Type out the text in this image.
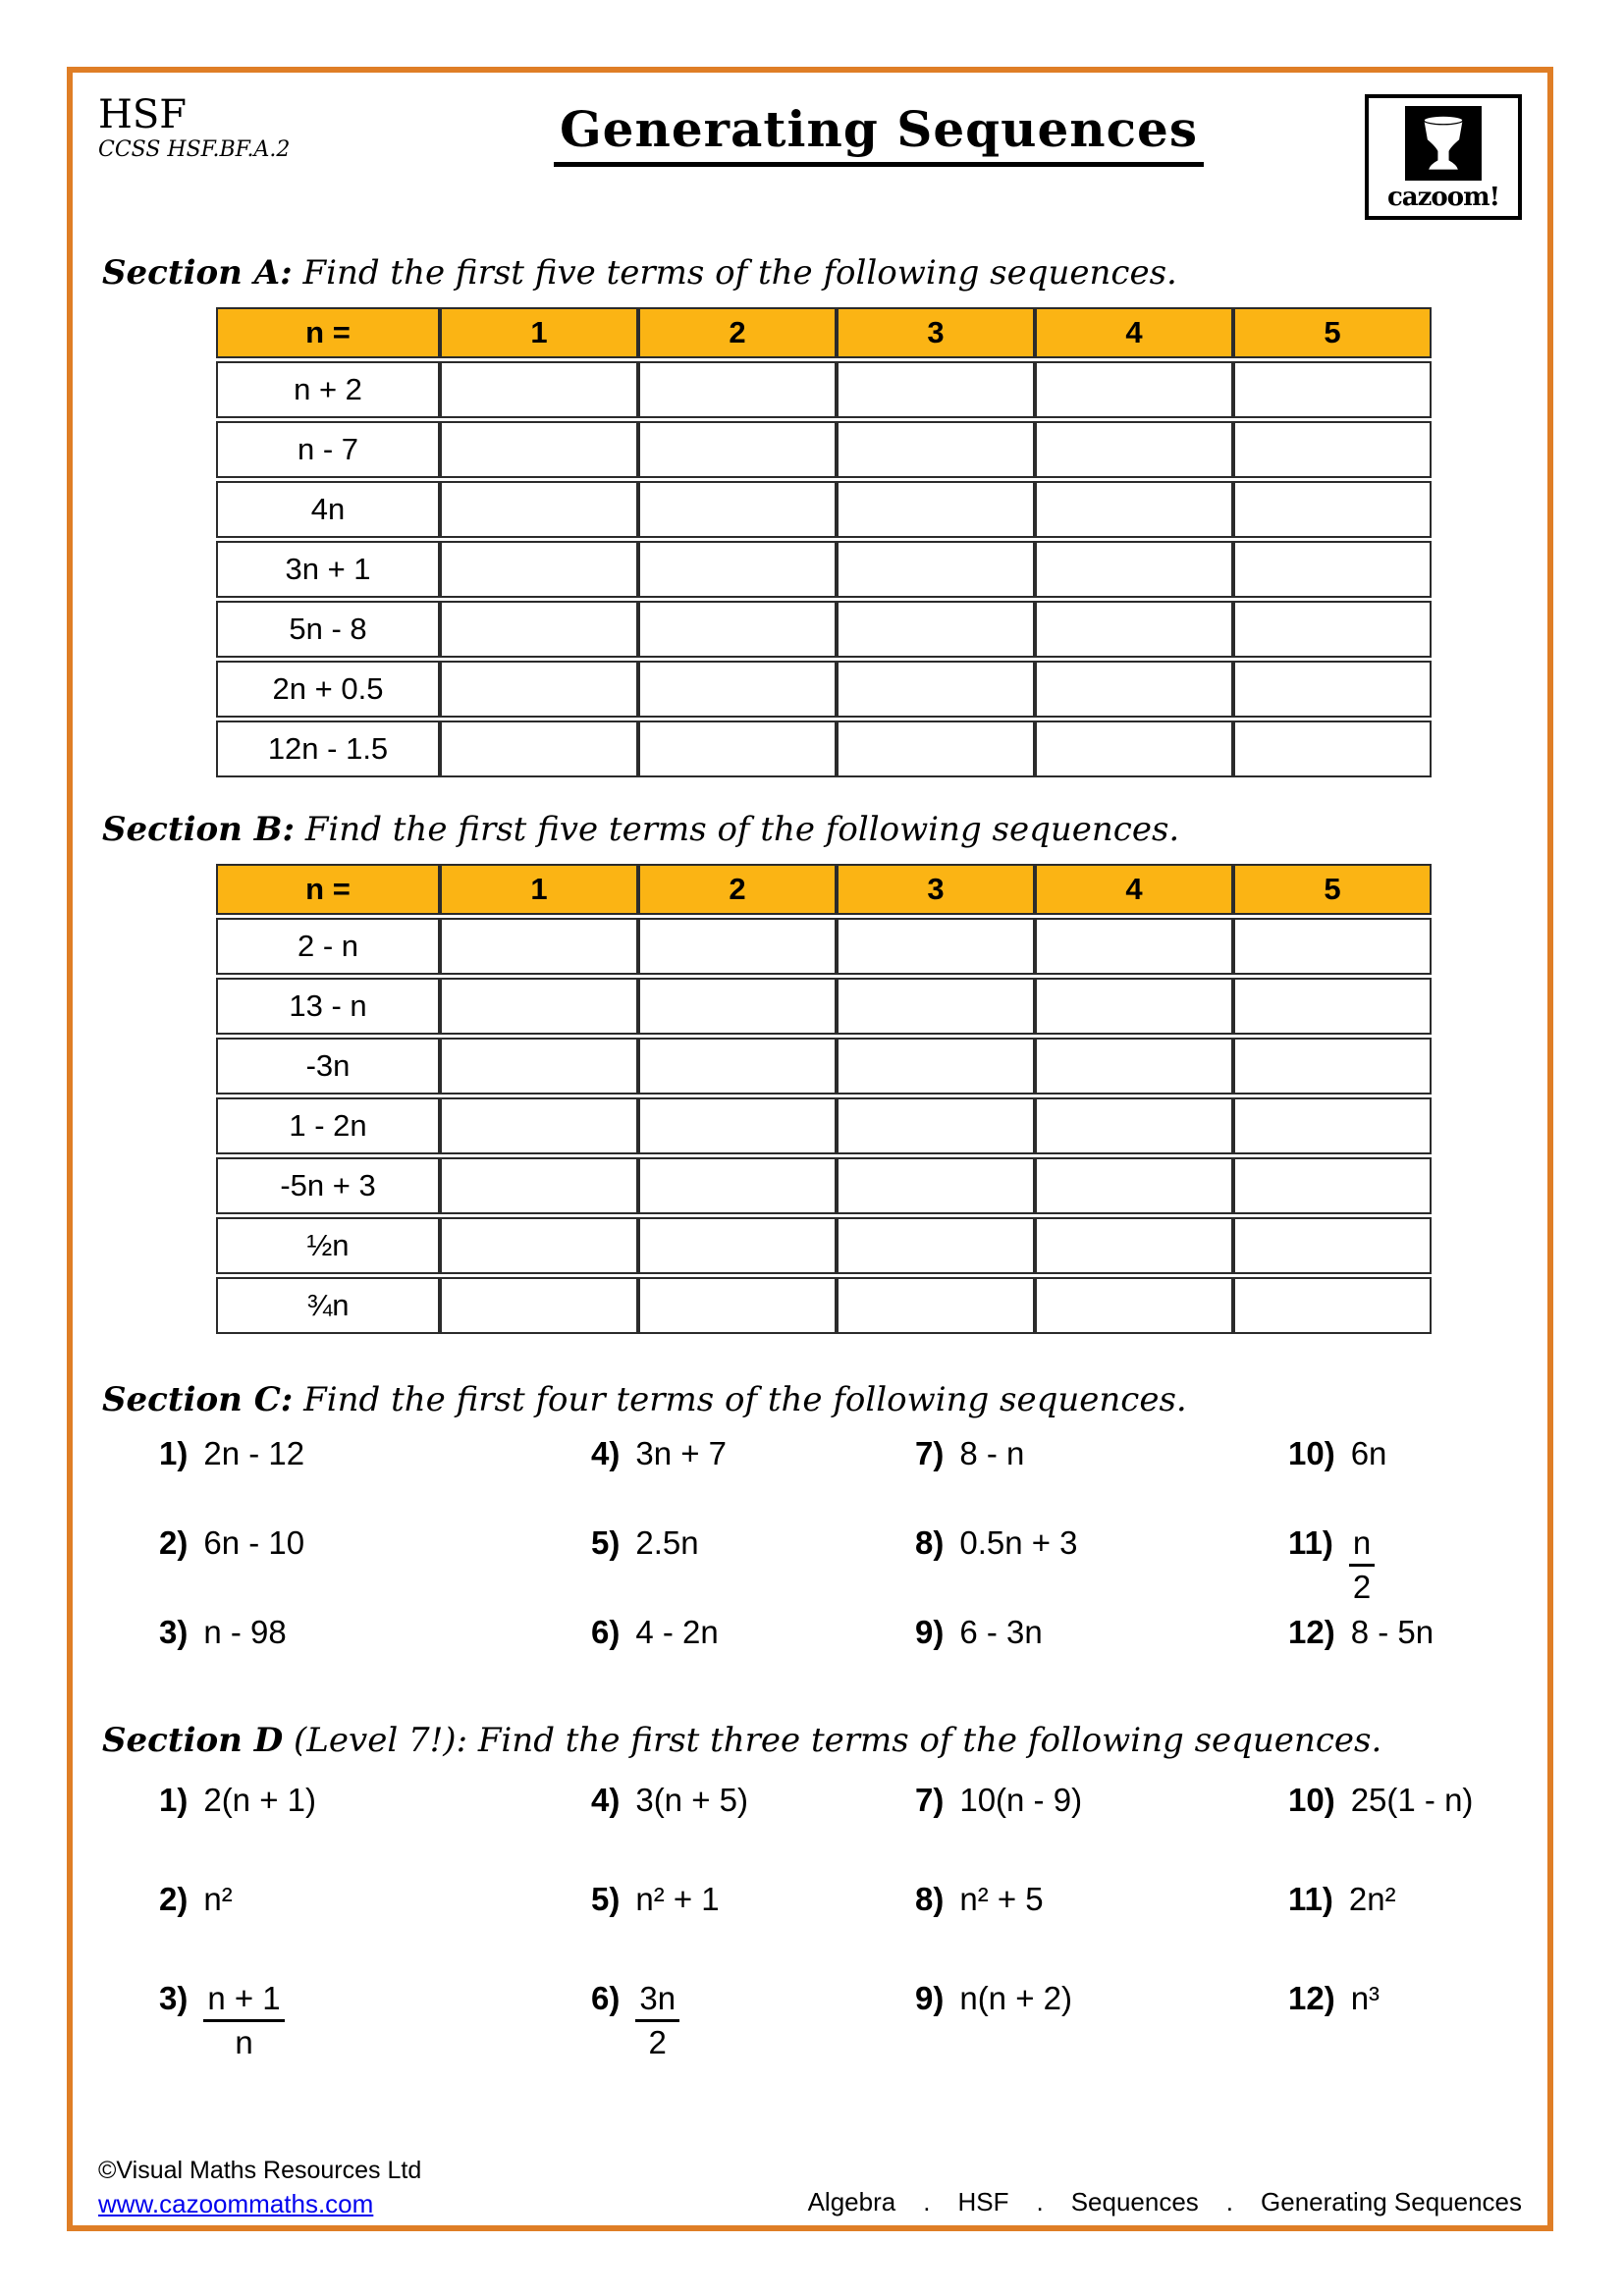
HSF
CCSS HSF.BF.A.2	Generating Sequences
cazoom!
Section A: Find the first five terms of the following sequences.
n =	1	2	3	4	5
n + 2					
n - 7					
4n					
3n + 1					
5n - 8					
2n + 0.5					
12n - 1.5					
Section B: Find the first five terms of the following sequences.
n =	1	2	3	4	5
2 - n					
13 - n					
-3n					
1 - 2n					
-5n + 3					
½n					
¾n					
Section C: Find the first four terms of the following sequences.
1) 2n - 12
2) 6n - 10
3) n - 98
4) 3n + 7
5) 2.5n
6) 4 - 2n
7) 8 - n
8) 0.5n + 3
9) 6 - 3n
10) 6n
$11) \frac{n}{2}$
12) 8 - 5n
Section D (Level 7!): Find the first three terms of the following sequences.
1) 2(n + 1)
2) n²
$3) \frac{n + 1}{n}$
4) 3(n + 5)
5) n² + 1
$6) \frac{3n}{2}$
7) 10(n - 9)
8) n² + 5
9) n(n + 2)
10) 25(1 - n)
11) 2n²
12) n³
©Visual Maths Resources Ltd
www.cazoommaths.com	Algebra . HSF . Sequences . Generating Sequences
